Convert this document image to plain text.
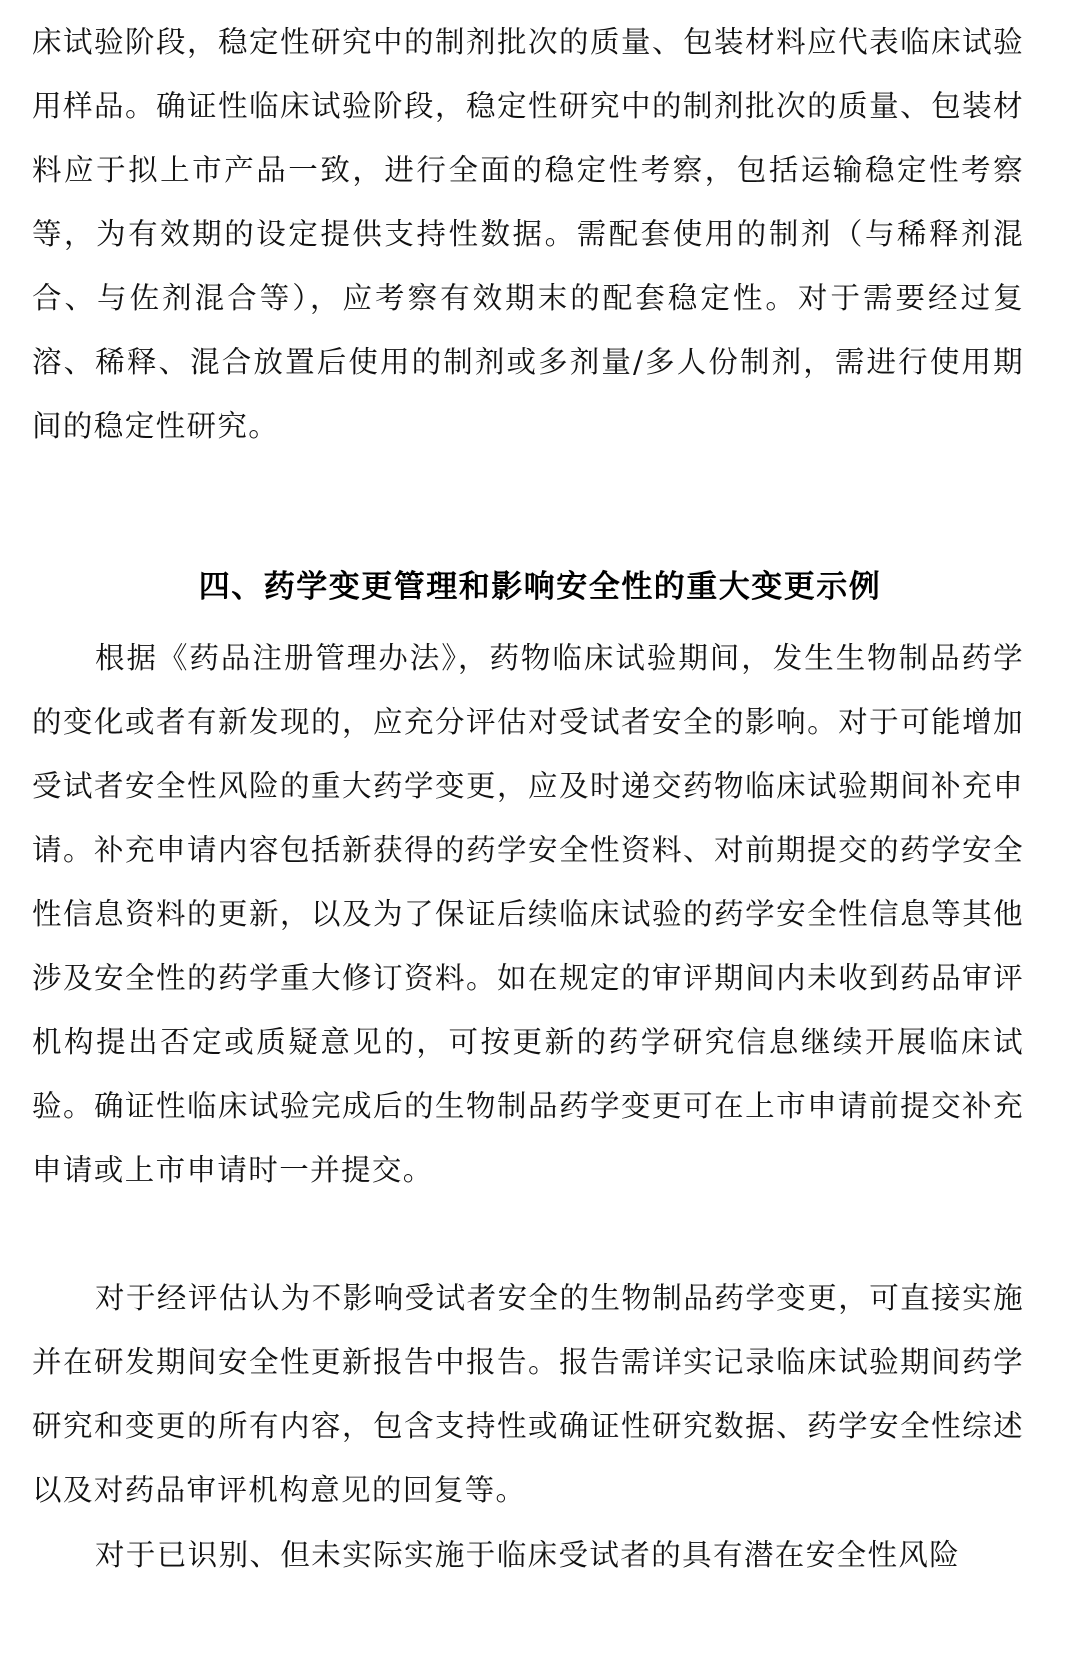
床试验阶段，稳定性研究中的制剂批次的质量、包装材料应代表临床试验用样品。确证性临床试验阶段，稳定性研究中的制剂批次的质量、包装材料应于拟上市产品一致，进行全面的稳定性考察，包括运输稳定性考察等，为有效期的设定提供支持性数据。需配套使用的制剂（与稀释剂混合、与佐剂混合等），应考察有效期末的配套稳定性。对于需要经过复溶、稀释、混合放置后使用的制剂或多剂量/多人份制剂，需进行使用期间的稳定性研究。

四、药学变更管理和影响安全性的重大变更示例

根据《药品注册管理办法》，药物临床试验期间，发生生物制品药学的变化或者有新发现的，应充分评估对受试者安全的影响。对于可能增加受试者安全性风险的重大药学变更，应及时递交药物临床试验期间补充申请。补充申请内容包括新获得的药学安全性资料、对前期提交的药学安全性信息资料的更新，以及为了保证后续临床试验的药学安全性信息等其他涉及安全性的药学重大修订资料。如在规定的审评期间内未收到药品审评机构提出否定或质疑意见的，可按更新的药学研究信息继续开展临床试验。确证性临床试验完成后的生物制品药学变更可在上市申请前提交补充申请或上市申请时一并提交。

对于经评估认为不影响受试者安全的生物制品药学变更，可直接实施并在研发期间安全性更新报告中报告。报告需详实记录临床试验期间药学研究和变更的所有内容，包含支持性或确证性研究数据、药学安全性综述以及对药品审评机构意见的回复等。

对于已识别、但未实际实施于临床受试者的具有潜在安全性风险
